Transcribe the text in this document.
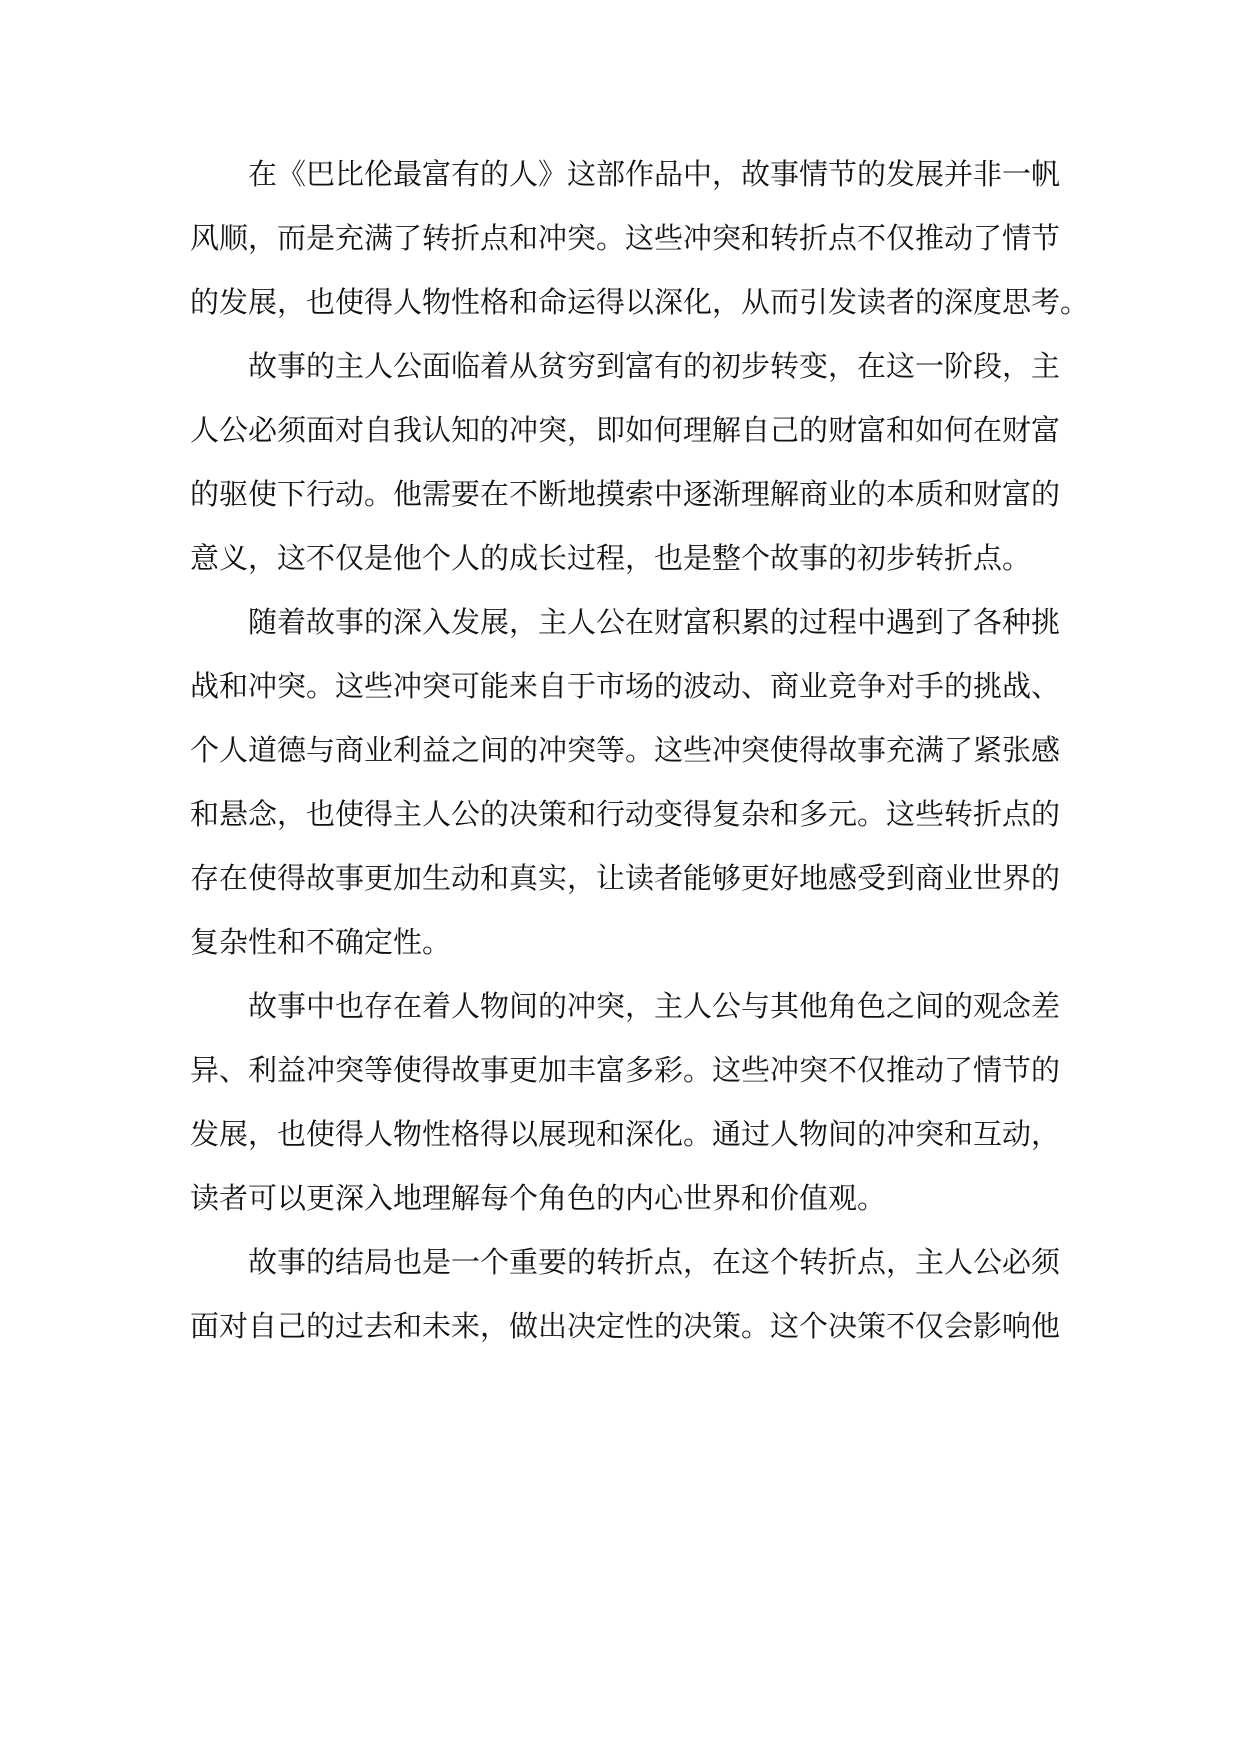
在《巴比伦最富有的人》这部作品中，故事情节的发展并非一帆
风顺，而是充满了转折点和冲突。这些冲突和转折点不仅推动了情节
的发展，也使得人物性格和命运得以深化，从而引发读者的深度思考。
故事的主人公面临着从贫穷到富有的初步转变，在这一阶段，主
人公必须面对自我认知的冲突，即如何理解自己的财富和如何在财富
的驱使下行动。他需要在不断地摸索中逐渐理解商业的本质和财富的
意义，这不仅是他个人的成长过程，也是整个故事的初步转折点。
随着故事的深入发展，主人公在财富积累的过程中遇到了各种挑
战和冲突。这些冲突可能来自于市场的波动、商业竞争对手的挑战、
个人道德与商业利益之间的冲突等。这些冲突使得故事充满了紧张感
和悬念，也使得主人公的决策和行动变得复杂和多元。这些转折点的
存在使得故事更加生动和真实，让读者能够更好地感受到商业世界的
复杂性和不确定性。
故事中也存在着人物间的冲突，主人公与其他角色之间的观念差
异、利益冲突等使得故事更加丰富多彩。这些冲突不仅推动了情节的
发展，也使得人物性格得以展现和深化。通过人物间的冲突和互动，
读者可以更深入地理解每个角色的内心世界和价值观。
故事的结局也是一个重要的转折点，在这个转折点，主人公必须
面对自己的过去和未来，做出决定性的决策。这个决策不仅会影响他
